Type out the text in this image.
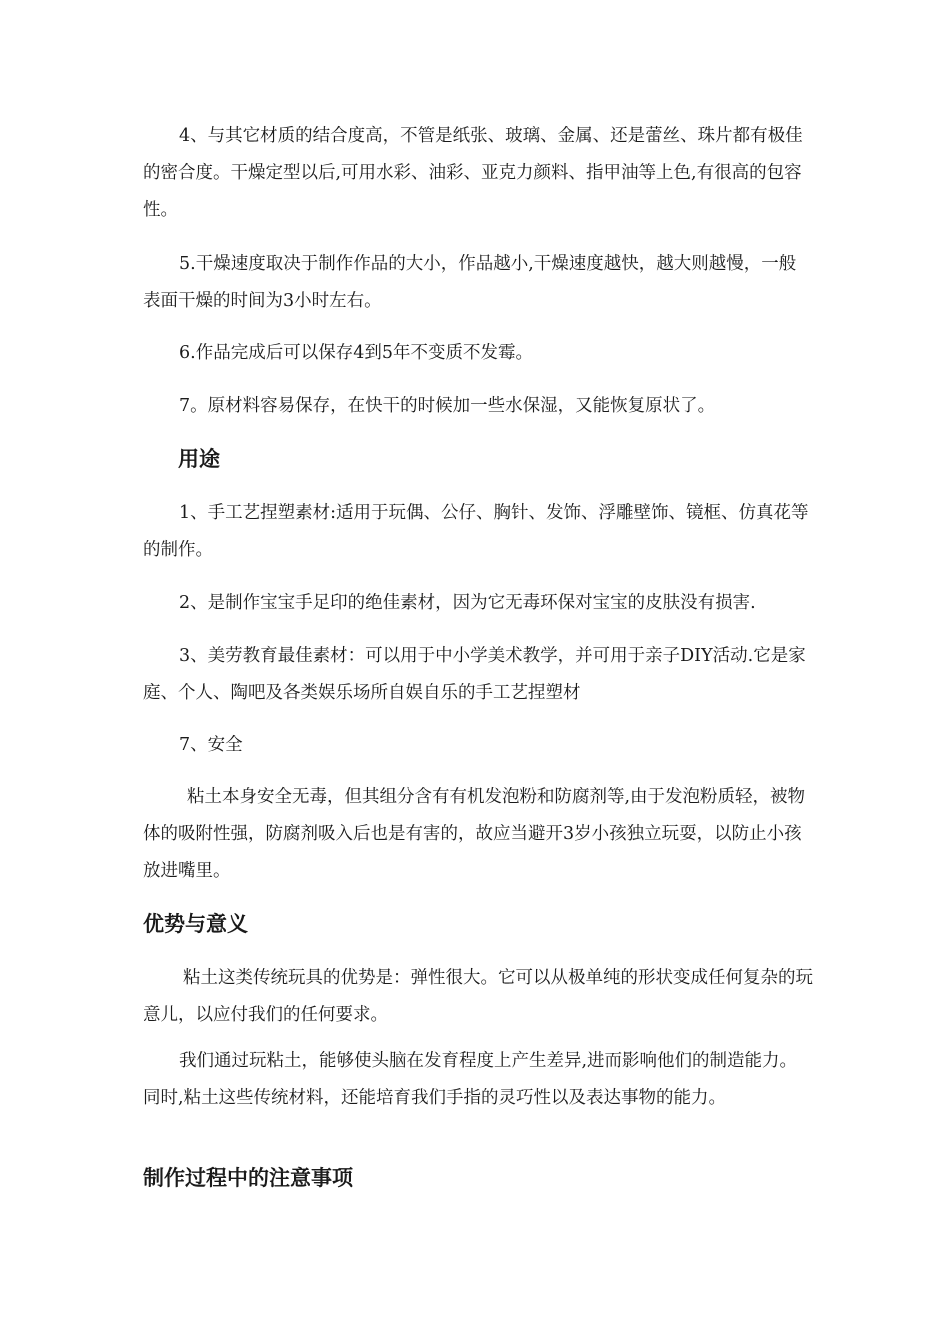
4、与其它材质的结合度高，不管是纸张、玻璃、金属、还是蕾丝、珠片都有极佳的密合度。干燥定型以后,可用水彩、油彩、亚克力颜料、指甲油等上色,有很高的包容性。

5.干燥速度取决于制作作品的大小，作品越小,干燥速度越快，越大则越慢，一般表面干燥的时间为3小时左右。

6.作品完成后可以保存4到5年不变质不发霉。

7。原材料容易保存，在快干的时候加一些水保湿，又能恢复原状了。

用途

1、手工艺捏塑素材:适用于玩偶、公仔、胸针、发饰、浮雕壁饰、镜框、仿真花等的制作。

2、是制作宝宝手足印的绝佳素材，因为它无毒环保对宝宝的皮肤没有损害.

3、美劳教育最佳素材：可以用于中小学美术教学，并可用于亲子DIY活动.它是家庭、个人、陶吧及各类娱乐场所自娱自乐的手工艺捏塑材

7、安全

粘土本身安全无毒，但其组分含有有机发泡粉和防腐剂等,由于发泡粉质轻，被物体的吸附性强，防腐剂吸入后也是有害的，故应当避开3岁小孩独立玩耍，以防止小孩放进嘴里。

优势与意义

粘土这类传统玩具的优势是：弹性很大。它可以从极单纯的形状变成任何复杂的玩意儿，以应付我们的任何要求。

我们通过玩粘土，能够使头脑在发育程度上产生差异,进而影响他们的制造能力。同时,粘土这些传统材料，还能培育我们手指的灵巧性以及表达事物的能力。

制作过程中的注意事项
